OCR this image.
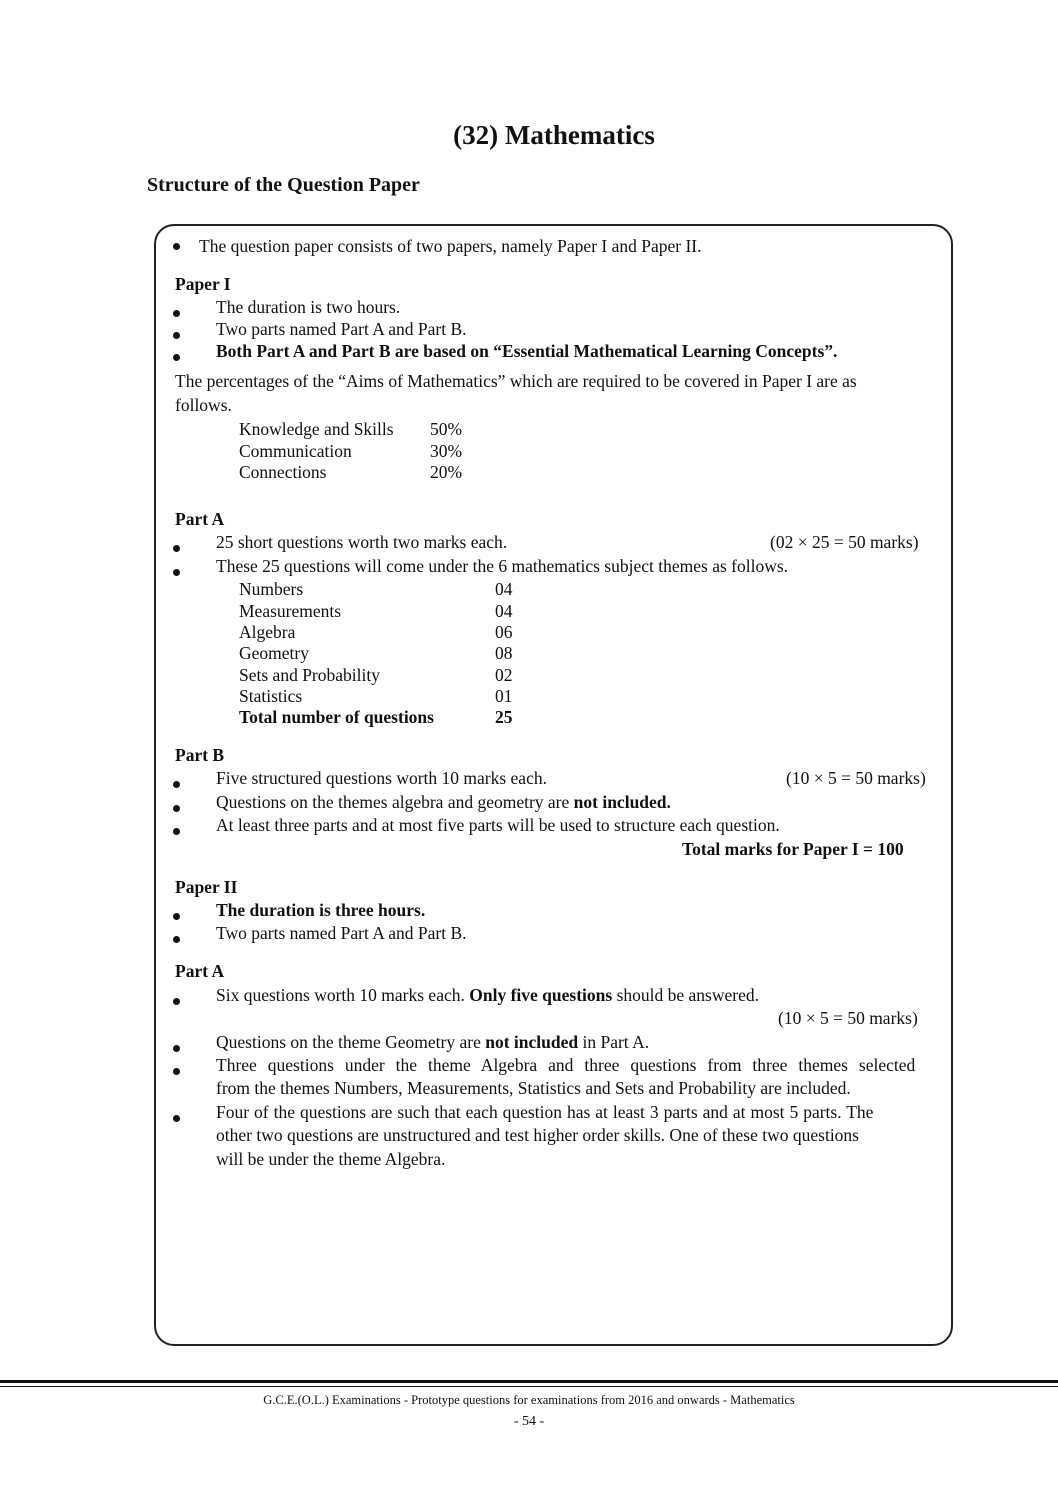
(32) Mathematics
Structure of the Question Paper
The question paper consists of two papers, namely Paper I and Paper II.
Paper I
The duration is two hours.
Two parts named Part A and Part B.
Both Part A and Part B are based on “Essential Mathematical Learning Concepts”.
The percentages of the “Aims of Mathematics” which are required to be covered in Paper I are as
follows.
Knowledge and Skills 50%
Communication	30%
Connections	20%
Part A
25 short questions worth two marks each.	(02 × 25 = 50 marks)
These 25 questions will come under the 6 mathematics subject themes as follows.
Numbers	04
Measurements	04
Algebra	06
Geometry	08
Sets and Probability	02
Statistics	01
Total number of questions	25
Part B
Five structured questions worth 10 marks each.	(10 × 5 = 50 marks)
Questions on the themes algebra and geometry are not included.
At least three parts and at most five parts will be used to structure each question.
Total marks for Paper I = 100
Paper II
The duration is three hours.
Two parts named Part A and Part B.
Part A
Six questions worth 10 marks each. Only five questions should be answered.
(10 × 5 = 50 marks)
Questions on the theme Geometry are not included in Part A.
Three questions under the theme Algebra and three questions from three themes selected
from the themes Numbers, Measurements, Statistics and Sets and Probability are included.
Four of the questions are such that each question has at least 3 parts and at most 5 parts. The
other two questions are unstructured and test higher order skills. One of these two questions
will be under the theme Algebra.
G.C.E.(O.L.) Examinations - Prototype questions for examinations from 2016 and onwards - Mathematics
- 54 -
